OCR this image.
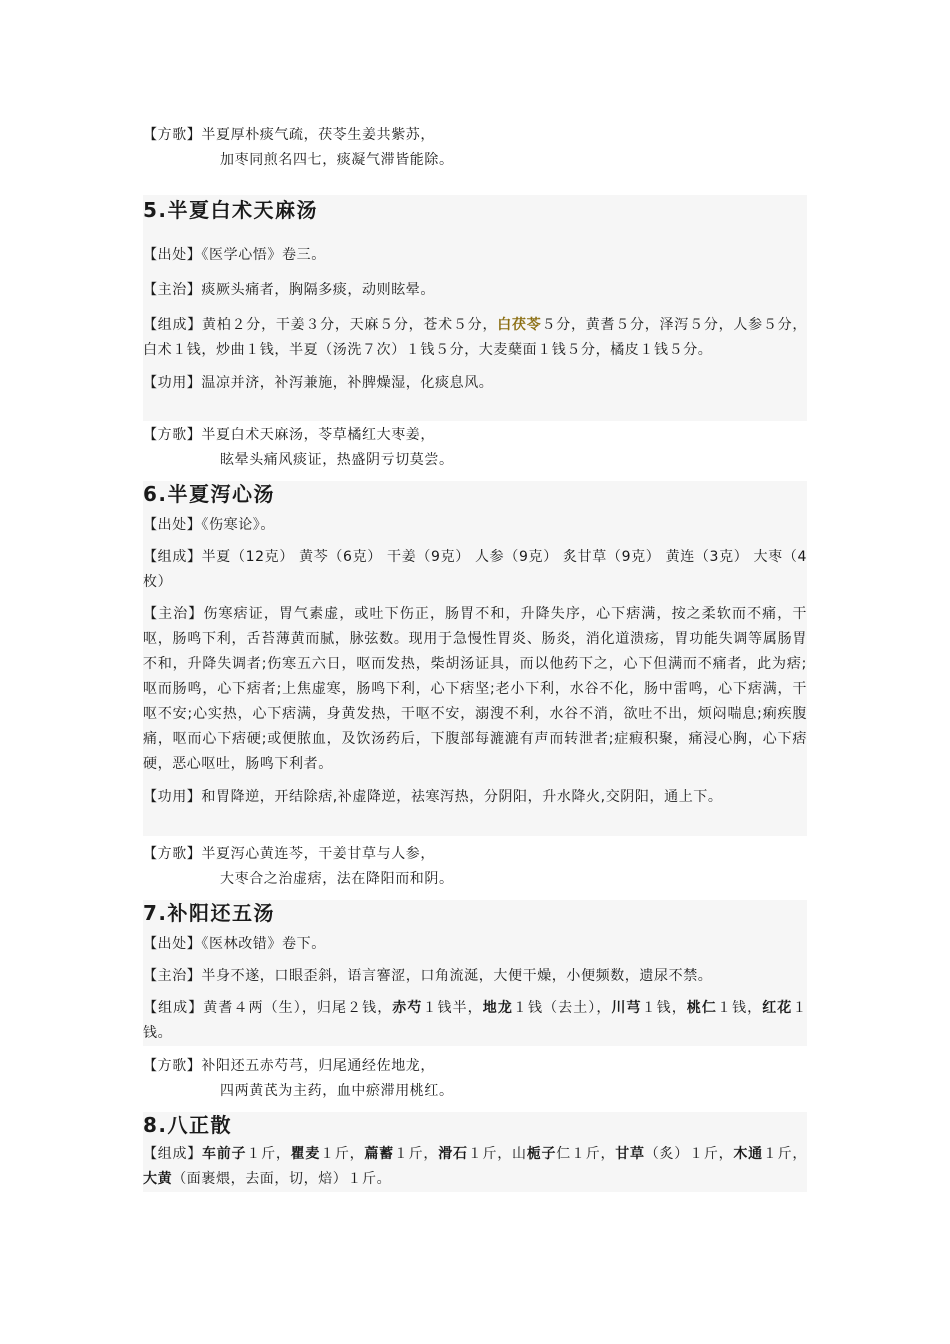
【方歌】半夏厚朴痰气疏，茯苓生姜共紫苏，

加枣同煎名四七，痰凝气滞皆能除。

5.半夏白术天麻汤

【出处】《医学心悟》卷三。

【主治】痰厥头痛者，胸隔多痰，动则眩晕。

【组成】黄柏２分，干姜３分，天麻５分，苍术５分，白茯苓５分，黄耆５分，泽泻５分，人参５分，白术１钱，炒曲１钱，半夏（汤洗７次）１钱５分，大麦蘖面１钱５分，橘皮１钱５分。

【功用】温凉并济，补泻兼施，补脾燥湿，化痰息风。

【方歌】半夏白术天麻汤，苓草橘红大枣姜，

眩晕头痛风痰证，热盛阴亏切莫尝。

6.半夏泻心汤

【出处】《伤寒论》。

【组成】半夏（12克） 黄芩（6克） 干姜（9克） 人参（9克） 炙甘草（9克） 黄连（3克） 大枣（4枚）

【主治】伤寒痞证，胃气素虚，或吐下伤正，肠胃不和，升降失序，心下痞满，按之柔软而不痛，干呕，肠鸣下利，舌苔薄黄而腻，脉弦数。现用于急慢性胃炎、肠炎，消化道溃疡，胃功能失调等属肠胃不和，升降失调者;伤寒五六日，呕而发热，柴胡汤证具，而以他药下之，心下但满而不痛者，此为痞;呕而肠鸣，心下痞者;上焦虚寒，肠鸣下利，心下痞坚;老小下利，水谷不化，肠中雷鸣，心下痞满，干呕不安;心实热，心下痞满，身黄发热，干呕不安，溺溲不利，水谷不消，欲吐不出，烦闷喘息;痢疾腹痛，呕而心下痞硬;或便脓血，及饮汤药后，下腹部每漉漉有声而转泄者;症瘕积聚，痛浸心胸，心下痞硬，恶心呕吐，肠鸣下利者。

【功用】和胃降逆，开结除痞,补虚降逆，祛寒泻热，分阴阳，升水降火,交阴阳，通上下。

【方歌】半夏泻心黄连芩，干姜甘草与人参，

大枣合之治虚痞，法在降阳而和阴。

7.补阳还五汤

【出处】《医林改错》卷下。

【主治】半身不遂，口眼歪斜，语言謇涩，口角流涎，大便干燥，小便频数，遗尿不禁。

【组成】黄耆４两（生），归尾２钱，赤芍１钱半，地龙１钱（去土），川芎１钱，桃仁１钱，红花１钱。

【方歌】补阳还五赤芍芎，归尾通经佐地龙，

四两黄芪为主药，血中瘀滞用桃红。

8.八正散

【组成】车前子１斤，瞿麦１斤，萹蓄１斤，滑石１斤，山栀子仁１斤，甘草（炙）１斤，木通１斤，大黄（面裹煨，去面，切，焙）１斤。
